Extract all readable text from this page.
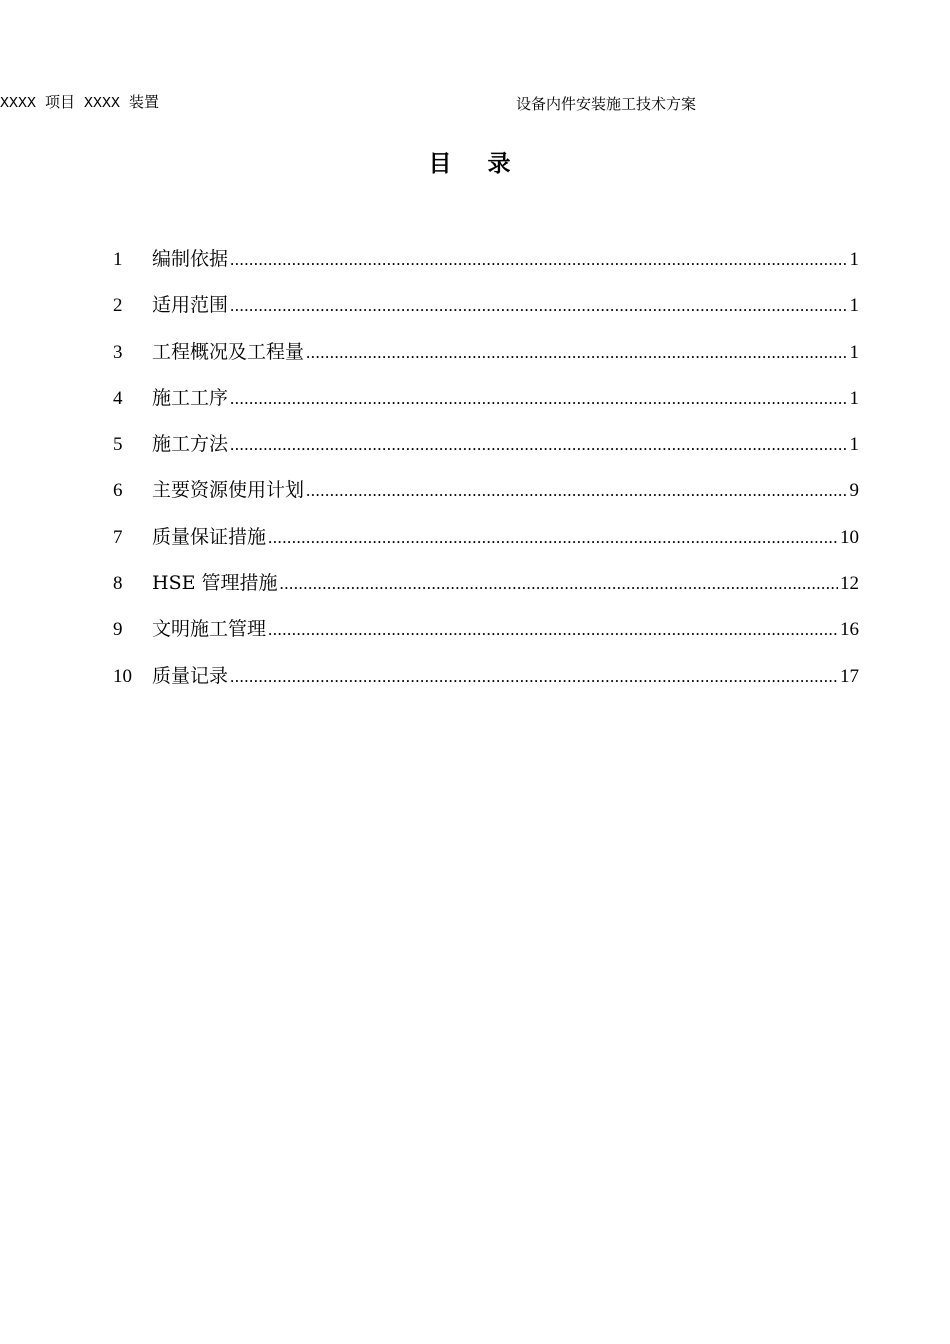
XXXX 项目 XXXX 装置	设备内件安装施工技术方案
目录
1	编制依据 .....	1
2	适用范围 .....	1
3	工程概况及工程量 .....	1
4	施工工序 .....	1
5	施工方法 .....	1
6	主要资源使用计划 .....	9
7	质量保证措施 .....	10
8	HSE 管理措施 .....	12
9	文明施工管理 .....	16
10	质量记录 .....	17
